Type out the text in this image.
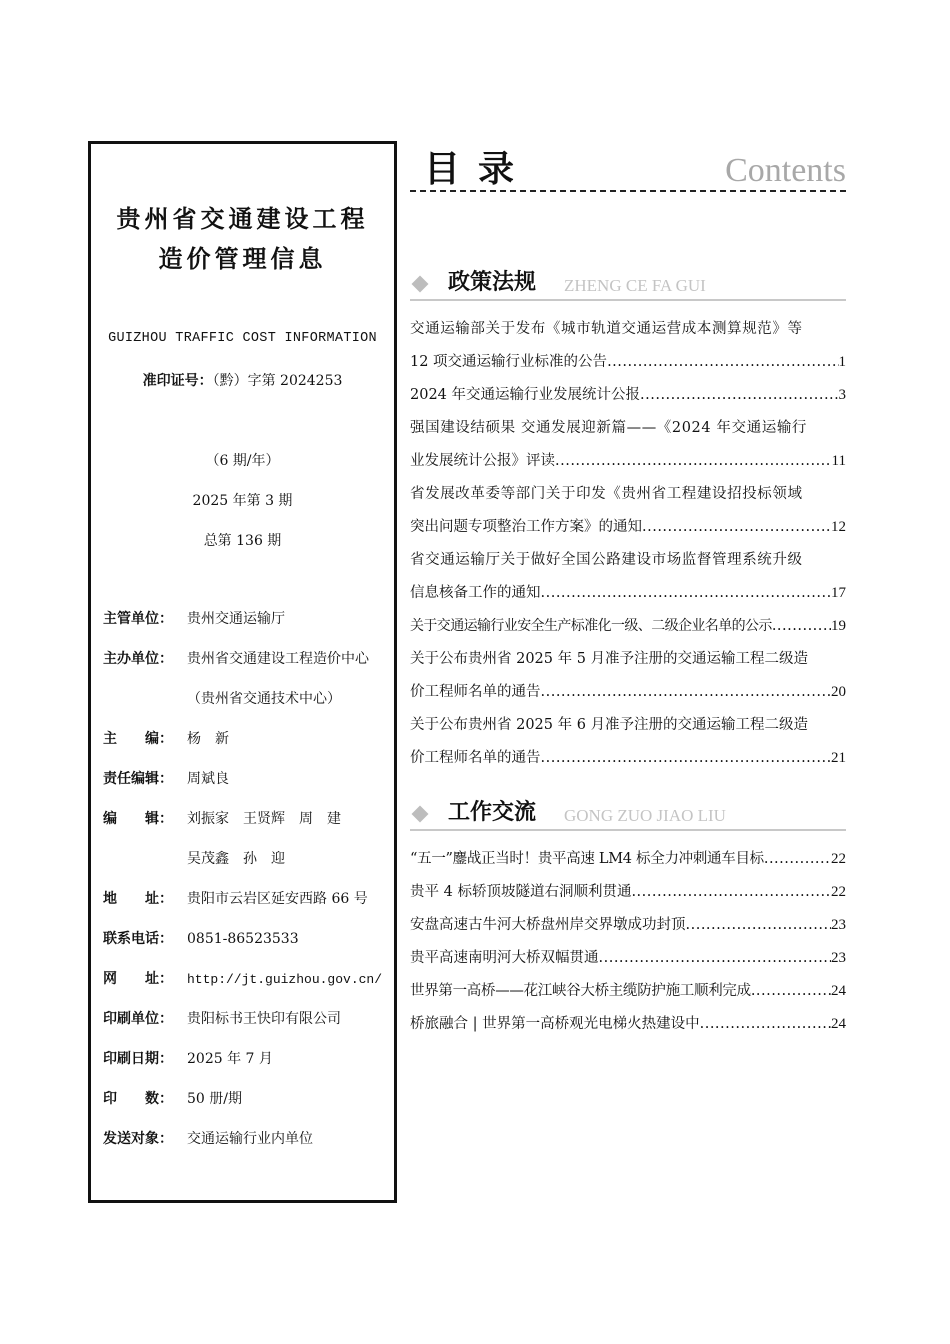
贵州省交通建设工程
造价管理信息
GUIZHOU TRAFFIC COST INFORMATION
准印证号：（黔）字第 2024253
（6 期/年）
2025 年第 3 期
总第 136 期
主管单位： 贵州交通运输厅
主办单位： 贵州省交通建设工程造价中心
（贵州省交通技术中心）
主　　编： 杨　新
责任编辑： 周斌良
编　　辑： 刘振家　王贤辉　周　建
吴茂鑫　孙　迎
地　　址： 贵阳市云岩区延安西路 66 号
联系电话： 0851-86523533
网　　址： http://jt.guizhou.gov.cn/
印刷单位： 贵阳标书王快印有限公司
印刷日期： 2025 年 7 月
印　　数： 50 册/期
发送对象： 交通运输行业内单位
目录	Contents
政策法规 ZHENG CE FA GUI
交通运输部关于发布《城市轨道交通运营成本测算规范》等
12 项交通运输行业标准的公告 .....	1
2024 年交通运输行业发展统计公报 .....	3
强国建设结硕果 交通发展迎新篇——《2024 年交通运输行
业发展统计公报》评读 .....	11
省发展改革委等部门关于印发《贵州省工程建设招投标领域
突出问题专项整治工作方案》的通知 .....	12
省交通运输厅关于做好全国公路建设市场监督管理系统升级
信息核备工作的通知 .....	17
关于交通运输行业安全生产标准化一级、二级企业名单的公示 .....	19
关于公布贵州省 2025 年 5 月准予注册的交通运输工程二级造
价工程师名单的通告 .....	20
关于公布贵州省 2025 年 6 月准予注册的交通运输工程二级造
价工程师名单的通告 .....	21
工作交流 GONG ZUO JIAO LIU
“五一”鏖战正当时！贵平高速 LM4 标全力冲刺通车目标 .....	22
贵平 4 标轿顶坡隧道右洞顺利贯通 .....	22
安盘高速古牛河大桥盘州岸交界墩成功封顶 .....	23
贵平高速南明河大桥双幅贯通 .....	23
世界第一高桥——花江峡谷大桥主缆防护施工顺利完成 .....	24
桥旅融合 | 世界第一高桥观光电梯火热建设中 .....	24
